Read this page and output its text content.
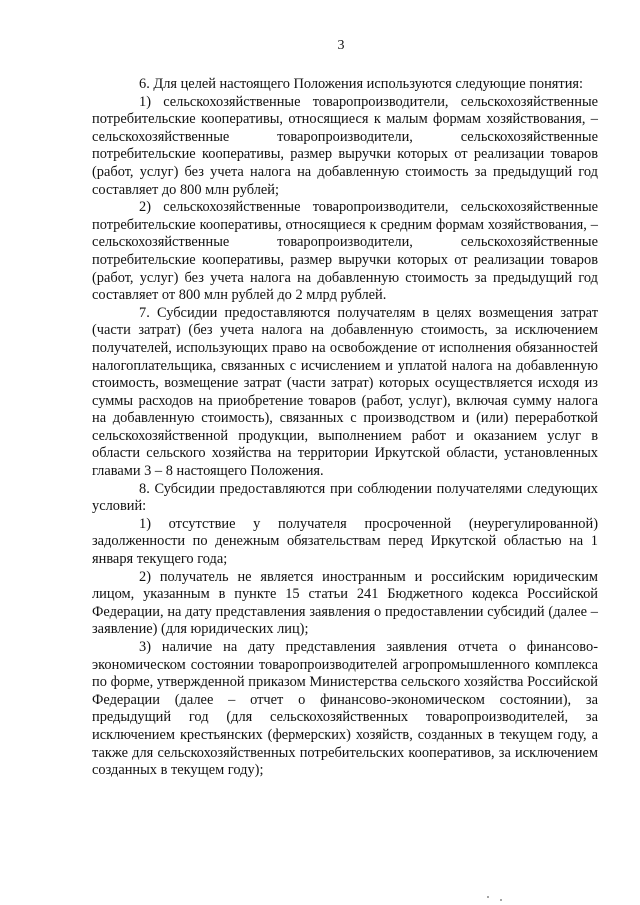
3

6. Для целей настоящего Положения используются следующие понятия:

1) сельскохозяйственные товаропроизводители, сельскохозяйственные потребительские кооперативы, относящиеся к малым формам хозяйствования, – сельскохозяйственные товаропроизводители, сельскохозяйственные потребительские кооперативы, размер выручки которых от реализации товаров (работ, услуг) без учета налога на добавленную стоимость за предыдущий год составляет до 800 млн рублей;

2) сельскохозяйственные товаропроизводители, сельскохозяйственные потребительские кооперативы, относящиеся к средним формам хозяйствования, – сельскохозяйственные товаропроизводители, сельскохозяйственные потребительские кооперативы, размер выручки которых от реализации товаров (работ, услуг) без учета налога на добавленную стоимость за предыдущий год составляет от 800 млн рублей до 2 млрд рублей.

7. Субсидии предоставляются получателям в целях возмещения затрат (части затрат) (без учета налога на добавленную стоимость, за исключением получателей, использующих право на освобождение от исполнения обязанностей налогоплательщика, связанных с исчислением и уплатой налога на добавленную стоимость, возмещение затрат (части затрат) которых осуществляется исходя из суммы расходов на приобретение товаров (работ, услуг), включая сумму налога на добавленную стоимость), связанных с производством и (или) переработкой сельскохозяйственной продукции, выполнением работ и оказанием услуг в области сельского хозяйства на территории Иркутской области, установленных главами 3 – 8 настоящего Положения.

8. Субсидии предоставляются при соблюдении получателями следующих условий:

1) отсутствие у получателя просроченной (неурегулированной) задолженности по денежным обязательствам перед Иркутской областью на 1 января текущего года;

2) получатель не является иностранным и российским юридическим лицом, указанным в пункте 15 статьи 241 Бюджетного кодекса Российской Федерации, на дату представления заявления о предоставлении субсидий (далее – заявление) (для юридических лиц);

3) наличие на дату представления заявления отчета о финансово-экономическом состоянии товаропроизводителей агропромышленного комплекса по форме, утвержденной приказом Министерства сельского хозяйства Российской Федерации (далее – отчет о финансово-экономическом состоянии), за предыдущий год (для сельскохозяйственных товаропроизводителей, за исключением крестьянских (фермерских) хозяйств, созданных в текущем году, а также для сельскохозяйственных потребительских кооперативов, за исключением созданных в текущем году);
